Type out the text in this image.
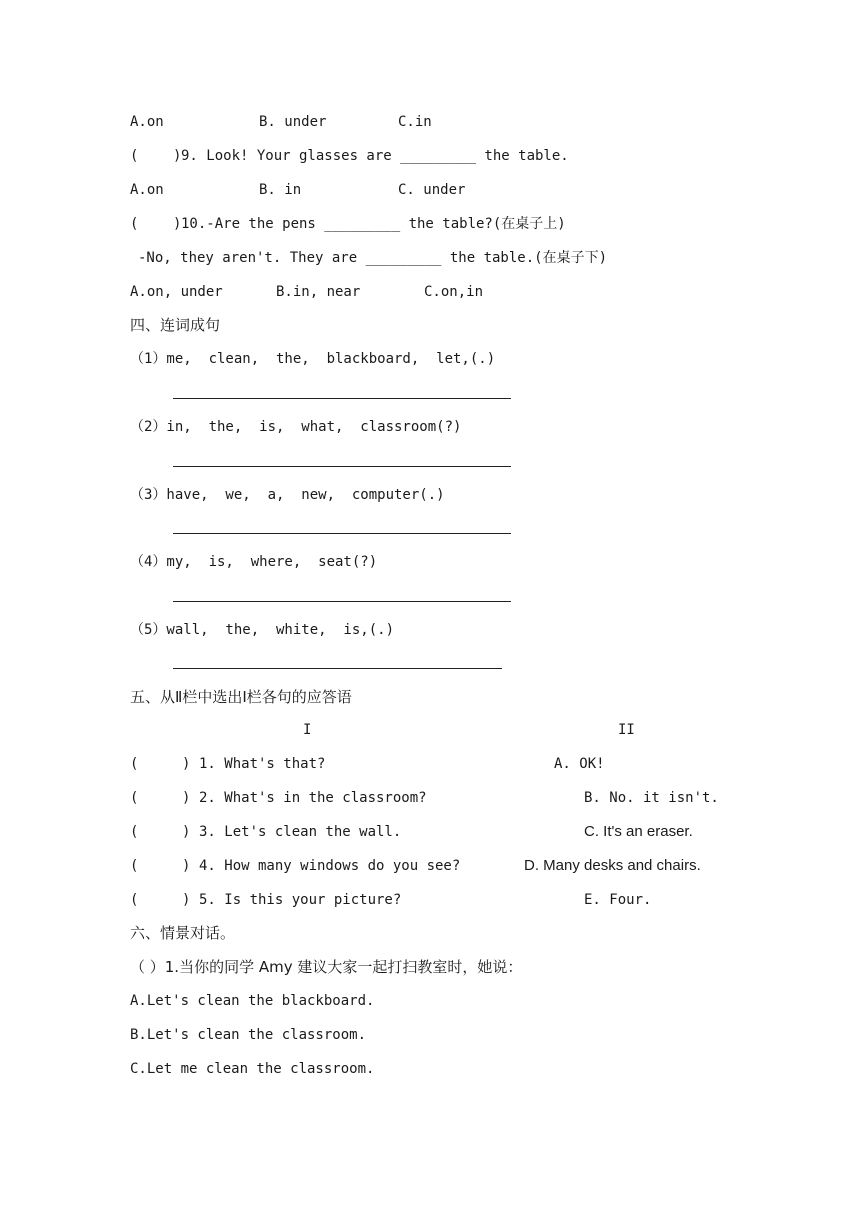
A.on	B. under	C.in
( ) 9. Look! Your glasses are _________ the table.
A.on	B. in	C. under
( ) 10.-Are the pens _________ the table?(在桌子上)
-No, they aren't. They are _________ the table.(在桌子下)
A.on, under	B.in, near	C.on,in
四、连词成句
（1）me,  clean,  the,  blackboard,  let,(.)
（2）in,  the,  is,  what,  classroom(?)
（3）have,  we,  a,  new,  computer(.)
（4）my,  is,  where,  seat(?)
（5）wall,  the,  white,  is,(.)
五、从Ⅱ栏中选出Ⅰ栏各句的应答语
I	II
(	) 1. What's that?	A. OK!
(	) 2. What's in the classroom?	B. No. it isn't.
(	) 3. Let's clean the wall.	C. It's an eraser.
(	) 4. How many windows do you see?	D. Many desks and chairs.
(	) 5. Is this your picture?	E. Four.
六、情景对话。
（ ）1.当你的同学 Amy 建议大家一起打扫教室时，她说：
A.Let's clean the blackboard.
B.Let's clean the classroom.
C.Let me clean the classroom.
